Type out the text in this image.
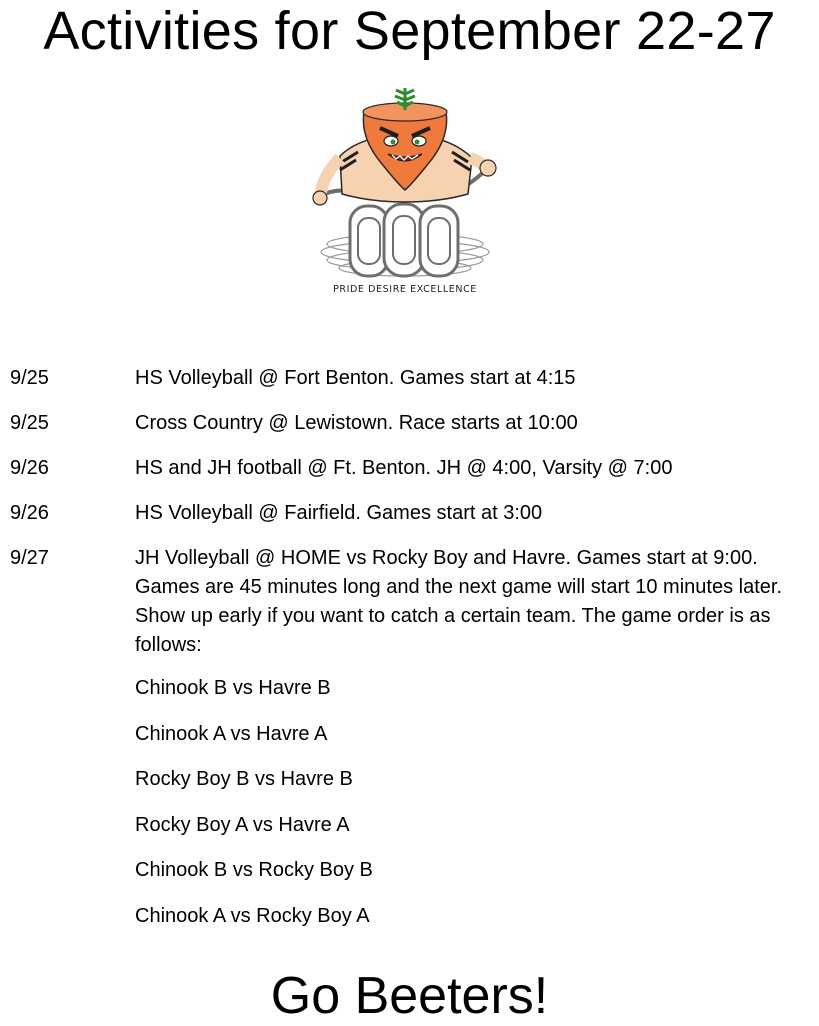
Activities for September 22-27
PRIDE DESIRE EXCELLENCE
9/25	HS Volleyball @ Fort Benton. Games start at 4:15
9/25	Cross Country @ Lewistown. Race starts at 10:00
9/26	HS and JH football @ Ft. Benton. JH @ 4:00, Varsity @ 7:00
9/26	HS Volleyball @ Fairfield. Games start at 3:00
9/27	JH Volleyball @ HOME vs Rocky Boy and Havre. Games start at 9:00. Games are 45 minutes long and the next game will start 10 minutes later. Show up early if you want to catch a certain team. The game order is as follows:
Chinook B vs Havre B
Chinook A vs Havre A
Rocky Boy B vs Havre B
Rocky Boy A vs Havre A
Chinook B vs Rocky Boy B
Chinook A vs Rocky Boy A
Go Beeters!
